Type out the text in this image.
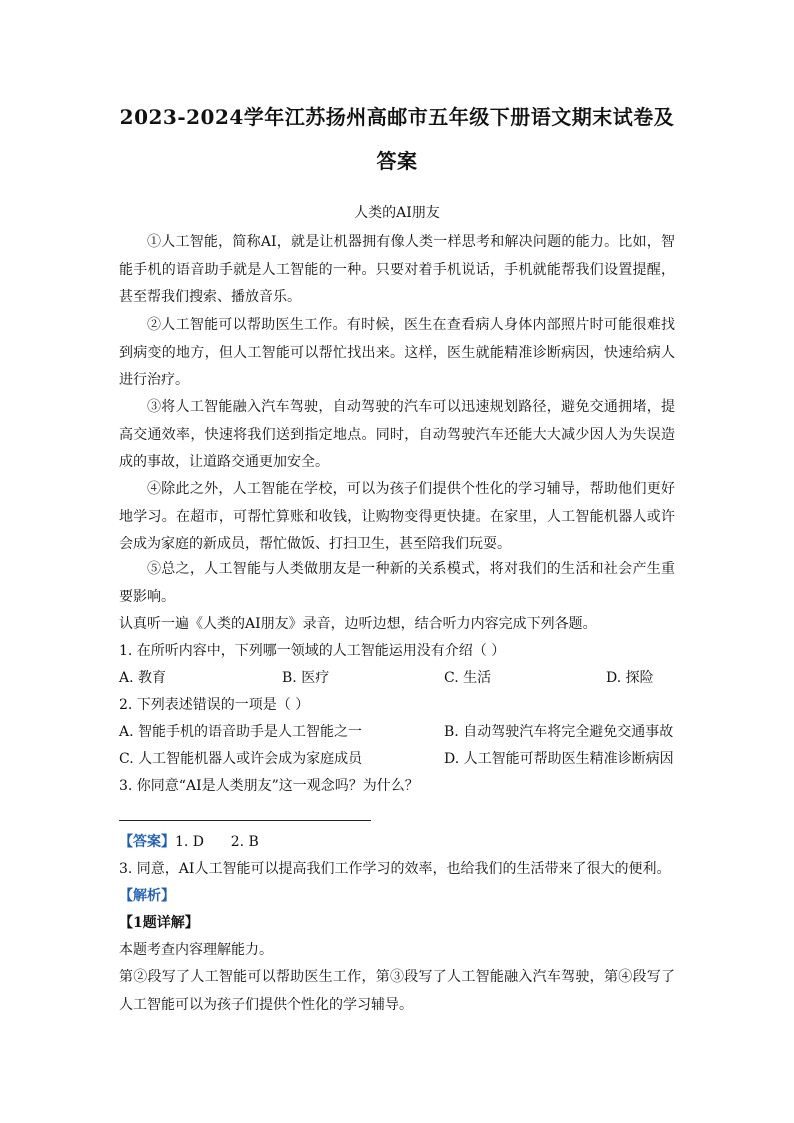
2023-2024学年江苏扬州高邮市五年级下册语文期末试卷及
答案
人类的AI朋友

①人工智能，简称AI，就是让机器拥有像人类一样思考和解决问题的能力。比如，智能手机的语音助手就是人工智能的一种。只要对着手机说话，手机就能帮我们设置提醒，甚至帮我们搜索、播放音乐。

②人工智能可以帮助医生工作。有时候，医生在查看病人身体内部照片时可能很难找到病变的地方，但人工智能可以帮忙找出来。这样，医生就能精准诊断病因，快速给病人进行治疗。

③将人工智能融入汽车驾驶，自动驾驶的汽车可以迅速规划路径，避免交通拥堵，提高交通效率，快速将我们送到指定地点。同时，自动驾驶汽车还能大大减少因人为失误造成的事故，让道路交通更加安全。

④除此之外，人工智能在学校，可以为孩子们提供个性化的学习辅导，帮助他们更好地学习。在超市，可帮忙算账和收钱，让购物变得更快捷。在家里，人工智能机器人或许会成为家庭的新成员，帮忙做饭、打扫卫生，甚至陪我们玩耍。

⑤总之，人工智能与人类做朋友是一种新的关系模式，将对我们的生活和社会产生重要影响。

认真听一遍《人类的AI朋友》录音，边听边想，结合听力内容完成下列各题。
1. 在所听内容中，下列哪一领域的人工智能运用没有介绍（ ）
A. 教育	B. 医疗	C. 生活	D. 探险
2. 下列表述错误的一项是（ ）
A. 智能手机的语音助手是人工智能之一	B. 自动驾驶汽车将完全避免交通事故
C. 人工智能机器人或许会成为家庭成员	D. 人工智能可帮助医生精准诊断病因
3. 你同意“AI是人类朋友”这一观念吗？为什么？
【答案】1. D      2. B
3. 同意，AI人工智能可以提高我们工作学习的效率，也给我们的生活带来了很大的便利。
【解析】
【1题详解】
本题考查内容理解能力。

第②段写了人工智能可以帮助医生工作，第③段写了人工智能融入汽车驾驶，第④段写了人工智能可以为孩子们提供个性化的学习辅导。
